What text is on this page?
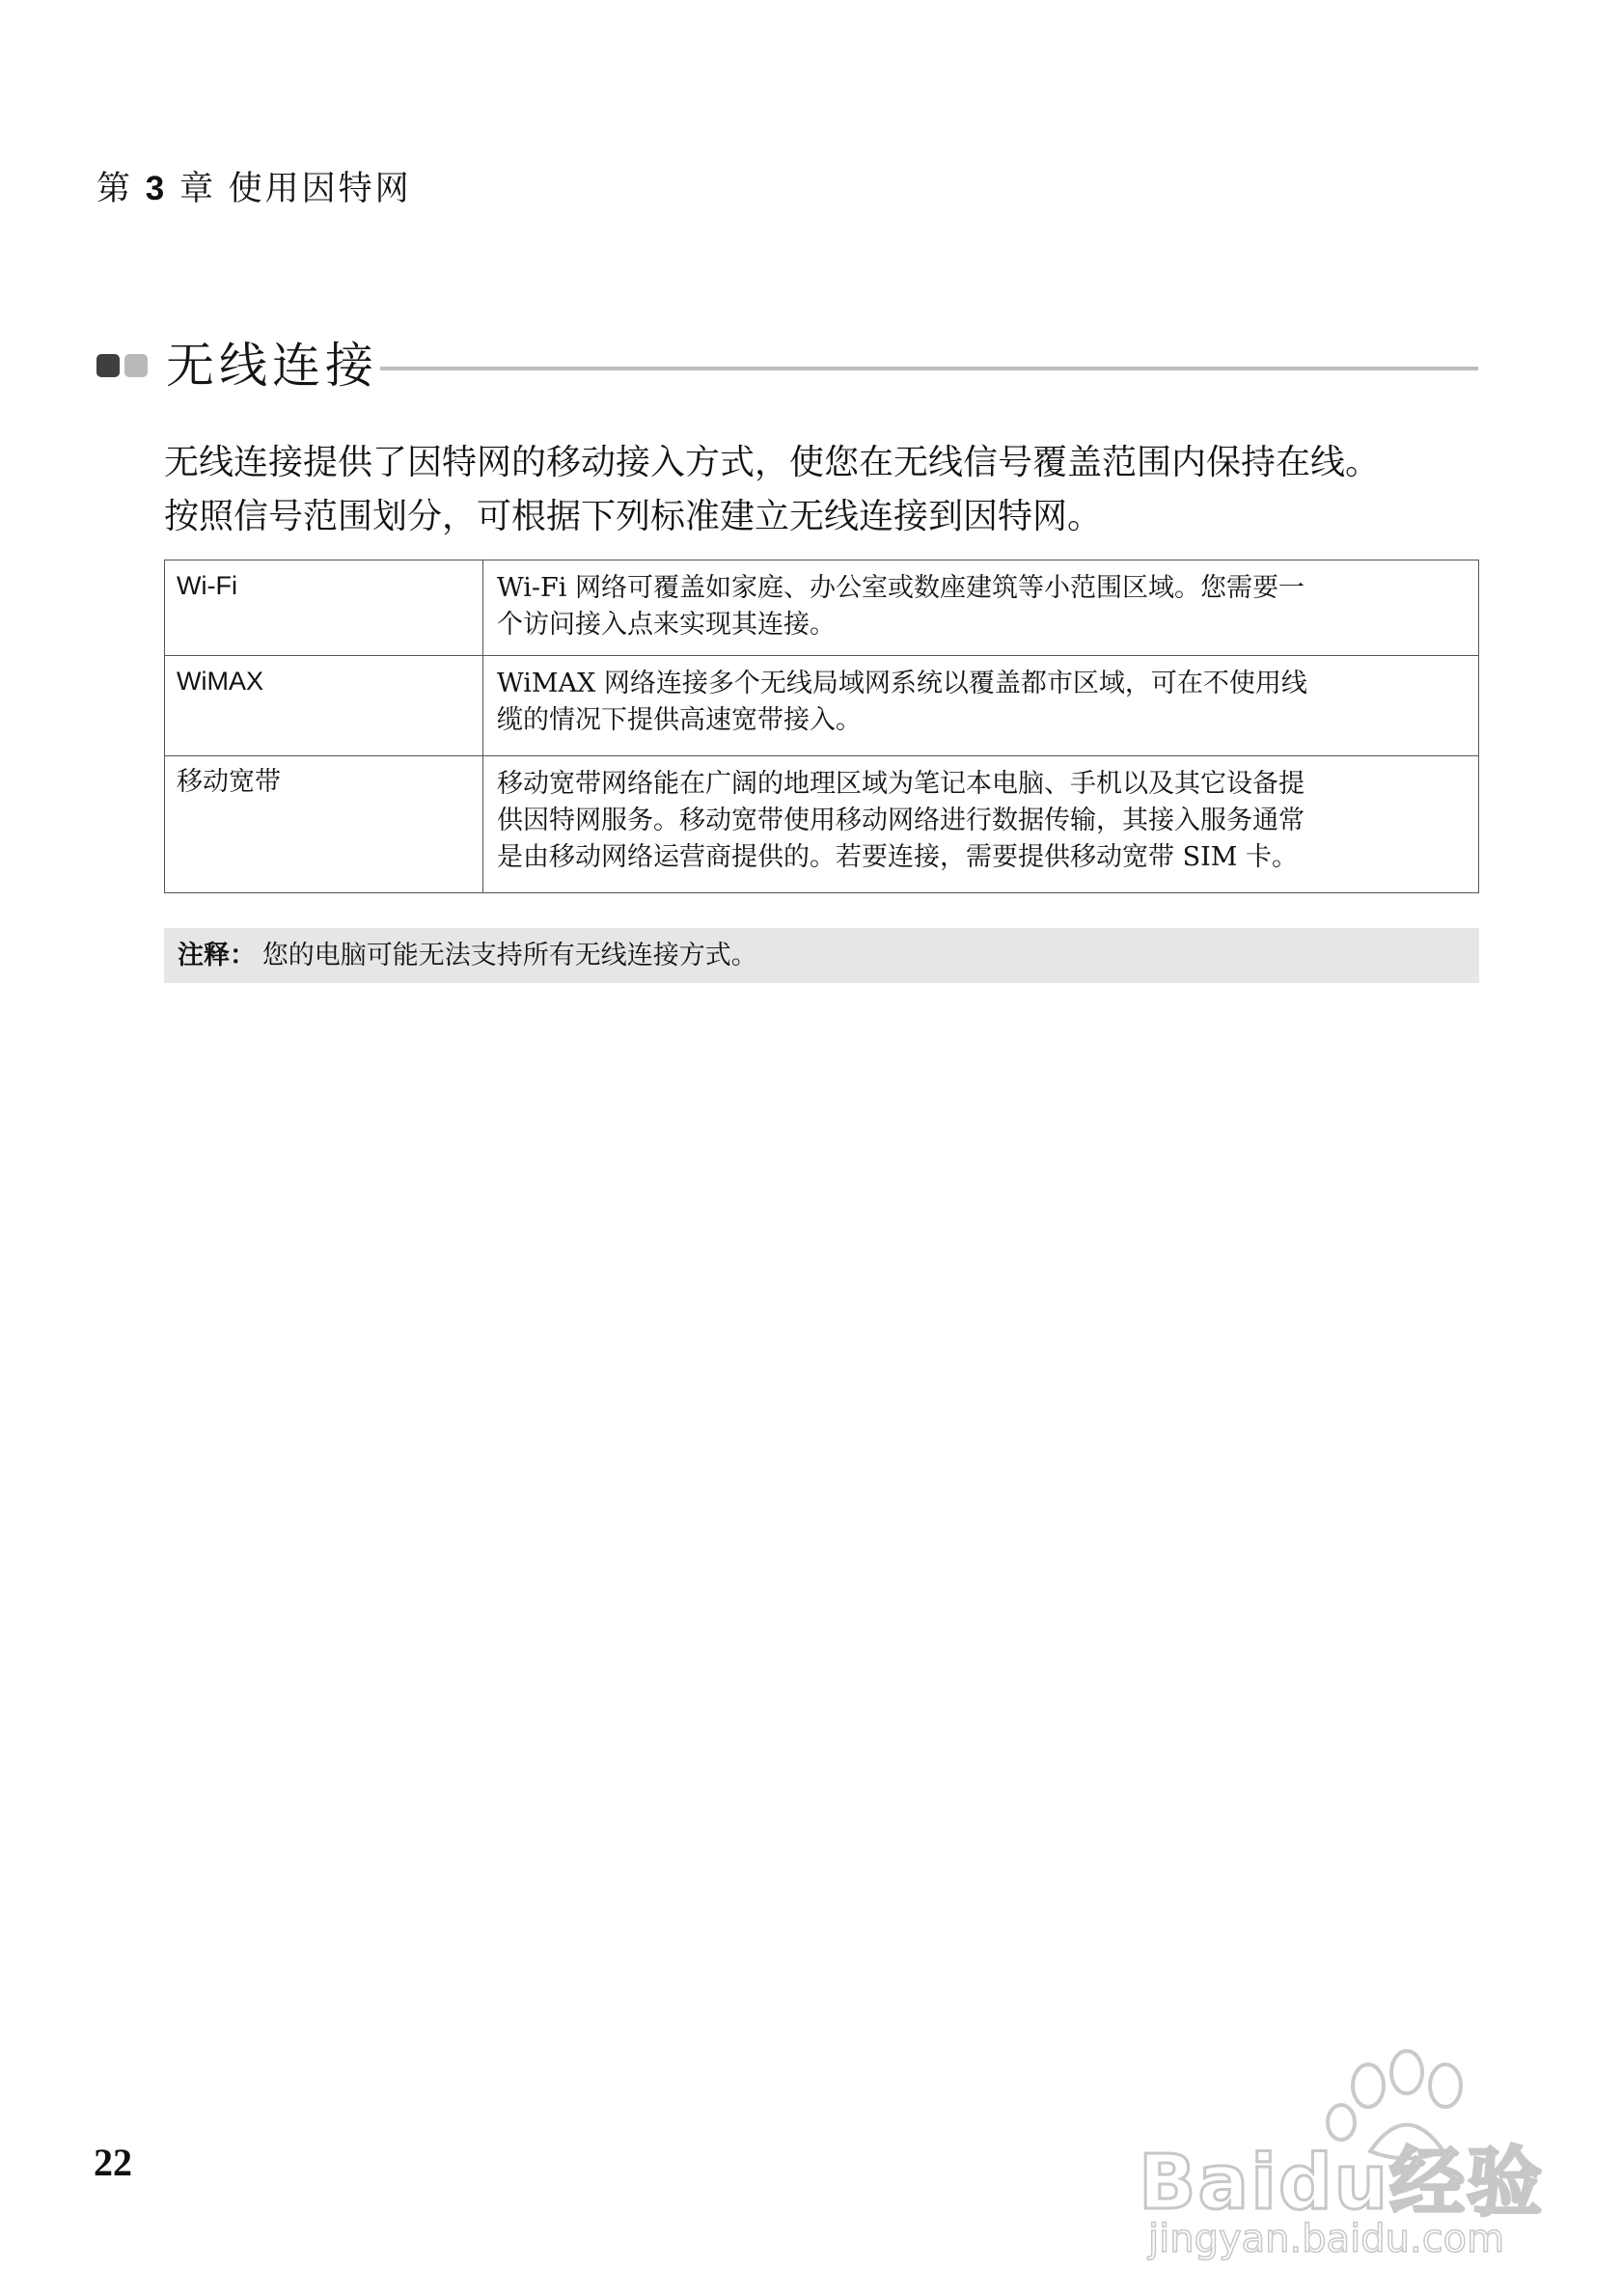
第 3 章 使用因特网
无线连接

无线连接提供了因特网的移动接入方式，使您在无线信号覆盖范围内保持在线。

按照信号范围划分，可根据下列标准建立无线连接到因特网。

Wi-Fi	Wi-Fi 网络可覆盖如家庭、办公室或数座建筑等小范围区域。您需要一
个访问接入点来实现其连接。

WiMAX	WiMAX 网络连接多个无线局域网系统以覆盖都市区域，可在不使用线
缆的情况下提供高速宽带接入。

移动宽带	移动宽带网络能在广阔的地理区域为笔记本电脑、手机以及其它设备提
供因特网服务。移动宽带使用移动网络进行数据传输，其接入服务通常
是由移动网络运营商提供的。若要连接，需要提供移动宽带 SIM 卡。
注释： 您的电脑可能无法支持所有无线连接方式。
22	Baidu经验
jingyan.baidu.com
